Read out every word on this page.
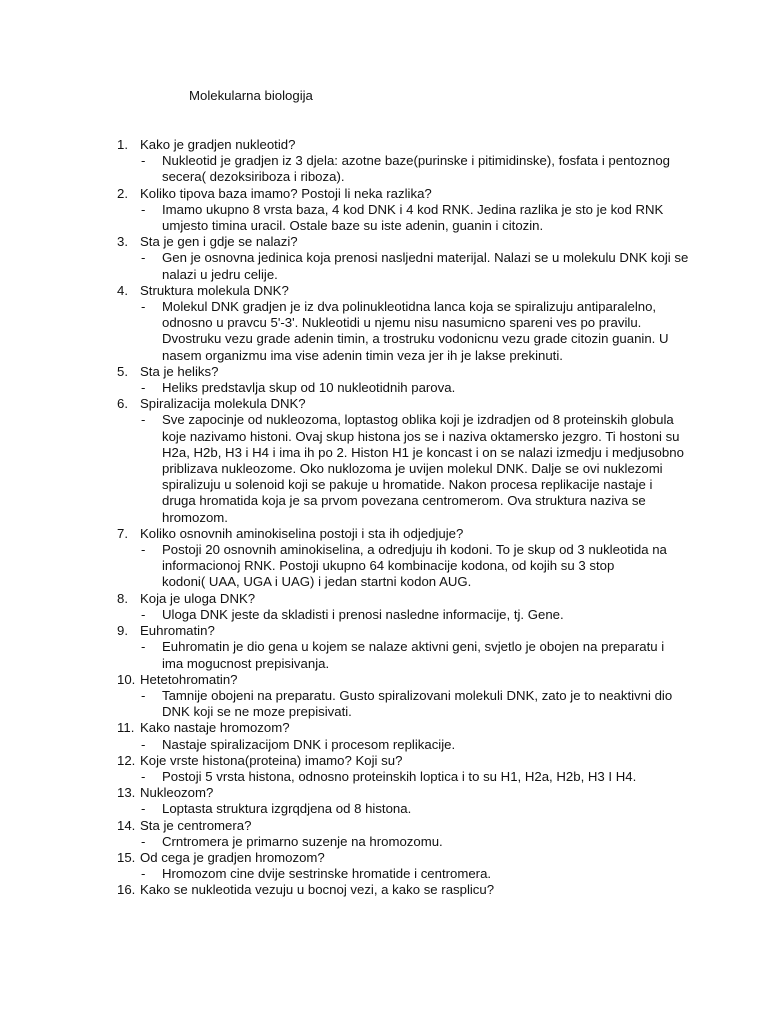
Molekularna biologija
1. Kako je gradjen nukleotid?
- Nukleotid je gradjen iz 3 djela: azotne baze(purinske i pitimidinske), fosfata i pentoznog
secera( dezoksiriboza i riboza).
2. Koliko tipova baza imamo? Postoji li neka razlika?
- Imamo ukupno 8 vrsta baza, 4 kod DNK i 4 kod RNK. Jedina razlika je sto je kod RNK
umjesto timina uracil. Ostale baze su iste adenin, guanin i citozin.
3. Sta je gen i gdje se nalazi?
- Gen je osnovna jedinica koja prenosi nasljedni materijal. Nalazi se u molekulu DNK koji se
nalazi u jedru celije.
4. Struktura molekula DNK?
- Molekul DNK gradjen je iz dva polinukleotidna lanca koja se spiralizuju antiparalelno,
odnosno u pravcu 5'-3'. Nukleotidi u njemu nisu nasumicno spareni ves po pravilu.
Dvostruku vezu grade adenin timin, a trostruku vodonicnu vezu grade citozin guanin. U
nasem organizmu ima vise adenin timin veza jer ih je lakse prekinuti.
5. Sta je heliks?
- Heliks predstavlja skup od 10 nukleotidnih parova.
6. Spiralizacija molekula DNK?
- Sve zapocinje od nukleozoma, loptastog oblika koji je izdradjen od 8 proteinskih globula
koje nazivamo histoni. Ovaj skup histona jos se i naziva oktamersko jezgro. Ti hostoni su
H2a, H2b, H3 i H4 i ima ih po 2. Histon H1 je koncast i on se nalazi izmedju i medjusobno
priblizava nukleozome. Oko nuklozoma je uvijen molekul DNK. Dalje se ovi nuklezomi
spiralizuju u solenoid koji se pakuje u hromatide. Nakon procesa replikacije nastaje i
druga hromatida koja je sa prvom povezana centromerom. Ova struktura naziva se
hromozom.
7. Koliko osnovnih aminokiselina postoji i sta ih odjedjuje?
- Postoji 20 osnovnih aminokiselina, a odredjuju ih kodoni. To je skup od 3 nukleotida na
informacionoj RNK. Postoji ukupno 64 kombinacije kodona, od kojih su 3 stop
kodoni( UAA, UGA i UAG) i jedan startni kodon AUG.
8. Koja je uloga DNK?
- Uloga DNK jeste da skladisti i prenosi nasledne informacije, tj. Gene.
9. Euhromatin?
- Euhromatin je dio gena u kojem se nalaze aktivni geni, svjetlo je obojen na preparatu i
ima mogucnost prepisivanja.
10. Hetetohromatin?
- Tamnije obojeni na preparatu. Gusto spiralizovani molekuli DNK, zato je to neaktivni dio
DNK koji se ne moze prepisivati.
11. Kako nastaje hromozom?
- Nastaje spiralizacijom DNK i procesom replikacije.
12. Koje vrste histona(proteina) imamo? Koji su?
- Postoji 5 vrsta histona, odnosno proteinskih loptica i to su H1, H2a, H2b, H3 I H4.
13. Nukleozom?
- Loptasta struktura izgrqdjena od 8 histona.
14. Sta je centromera?
- Crntromera je primarno suzenje na hromozomu.
15. Od cega je gradjen hromozom?
- Hromozom cine dvije sestrinske hromatide i centromera.
16. Kako se nukleotida vezuju u bocnoj vezi, a kako se rasplicu?
